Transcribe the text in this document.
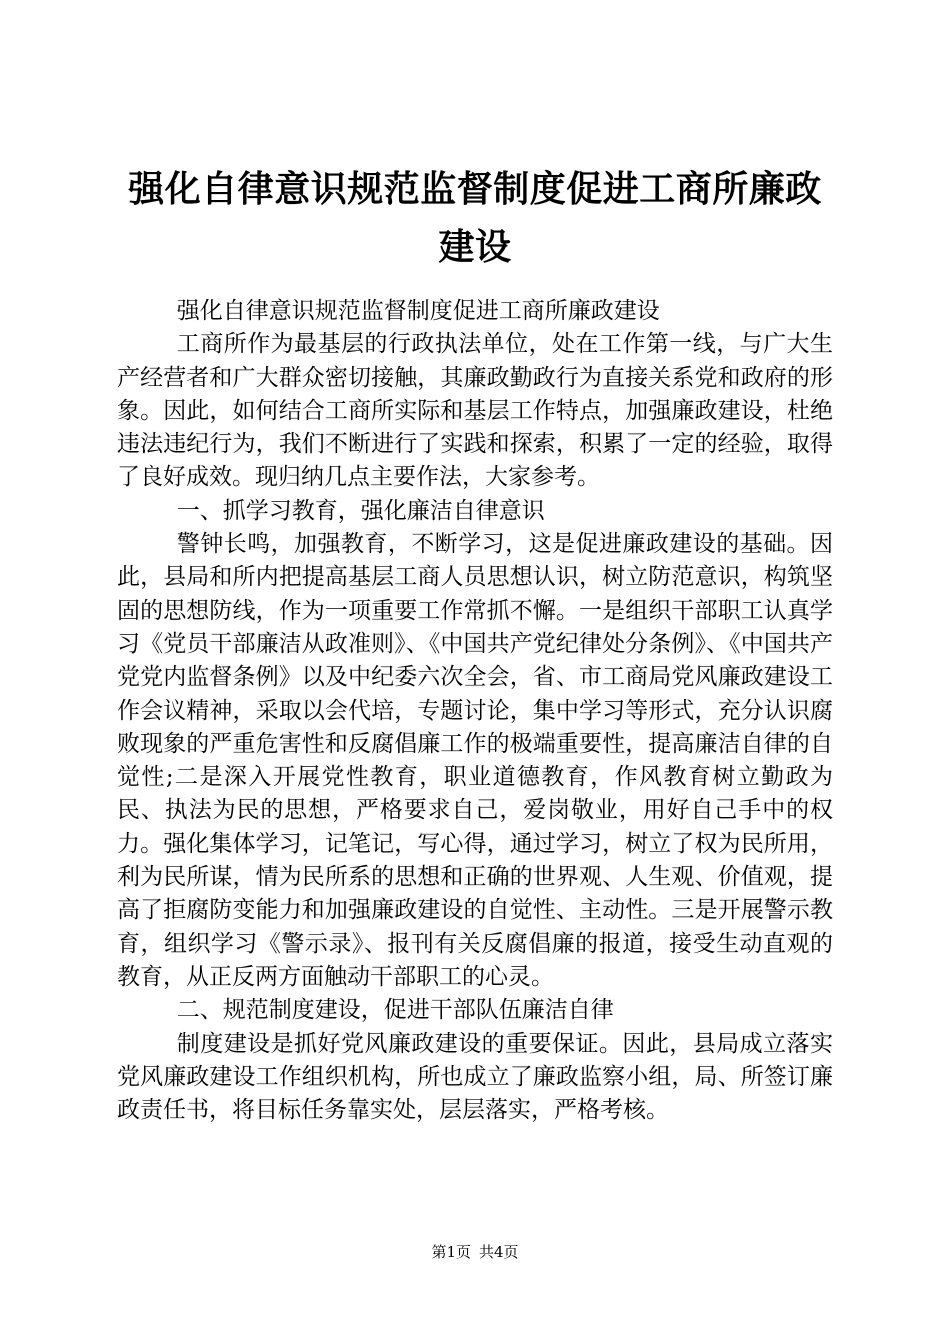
强化自律意识规范监督制度促进工商所廉政建设

强化自律意识规范监督制度促进工商所廉政建设

工商所作为最基层的行政执法单位，处在工作第一线，与广大生产经营者和广大群众密切接触，其廉政勤政行为直接关系党和政府的形象。因此，如何结合工商所实际和基层工作特点，加强廉政建设，杜绝违法违纪行为，我们不断进行了实践和探索，积累了一定的经验，取得了良好成效。现归纳几点主要作法，大家参考。

一、抓学习教育，强化廉洁自律意识

警钟长鸣，加强教育，不断学习，这是促进廉政建设的基础。因此，县局和所内把提高基层工商人员思想认识，树立防范意识，构筑坚固的思想防线，作为一项重要工作常抓不懈。一是组织干部职工认真学习《党员干部廉洁从政准则》、《中国共产党纪律处分条例》、《中国共产党党内监督条例》以及中纪委六次全会，省、市工商局党风廉政建设工作会议精神，采取以会代培，专题讨论，集中学习等形式，充分认识腐败现象的严重危害性和反腐倡廉工作的极端重要性，提高廉洁自律的自觉性;二是深入开展党性教育，职业道德教育，作风教育树立勤政为民、执法为民的思想，严格要求自己，爱岗敬业，用好自己手中的权力。强化集体学习，记笔记，写心得，通过学习，树立了权为民所用，利为民所谋，情为民所系的思想和正确的世界观、人生观、价值观，提高了拒腐防变能力和加强廉政建设的自觉性、主动性。三是开展警示教育，组织学习《警示录》、报刊有关反腐倡廉的报道，接受生动直观的教育，从正反两方面触动干部职工的心灵。

二、规范制度建设，促进干部队伍廉洁自律

制度建设是抓好党风廉政建设的重要保证。因此，县局成立落实党风廉政建设工作组织机构，所也成立了廉政监察小组，局、所签订廉政责任书，将目标任务靠实处，层层落实，严格考核。

第1页 共4页
